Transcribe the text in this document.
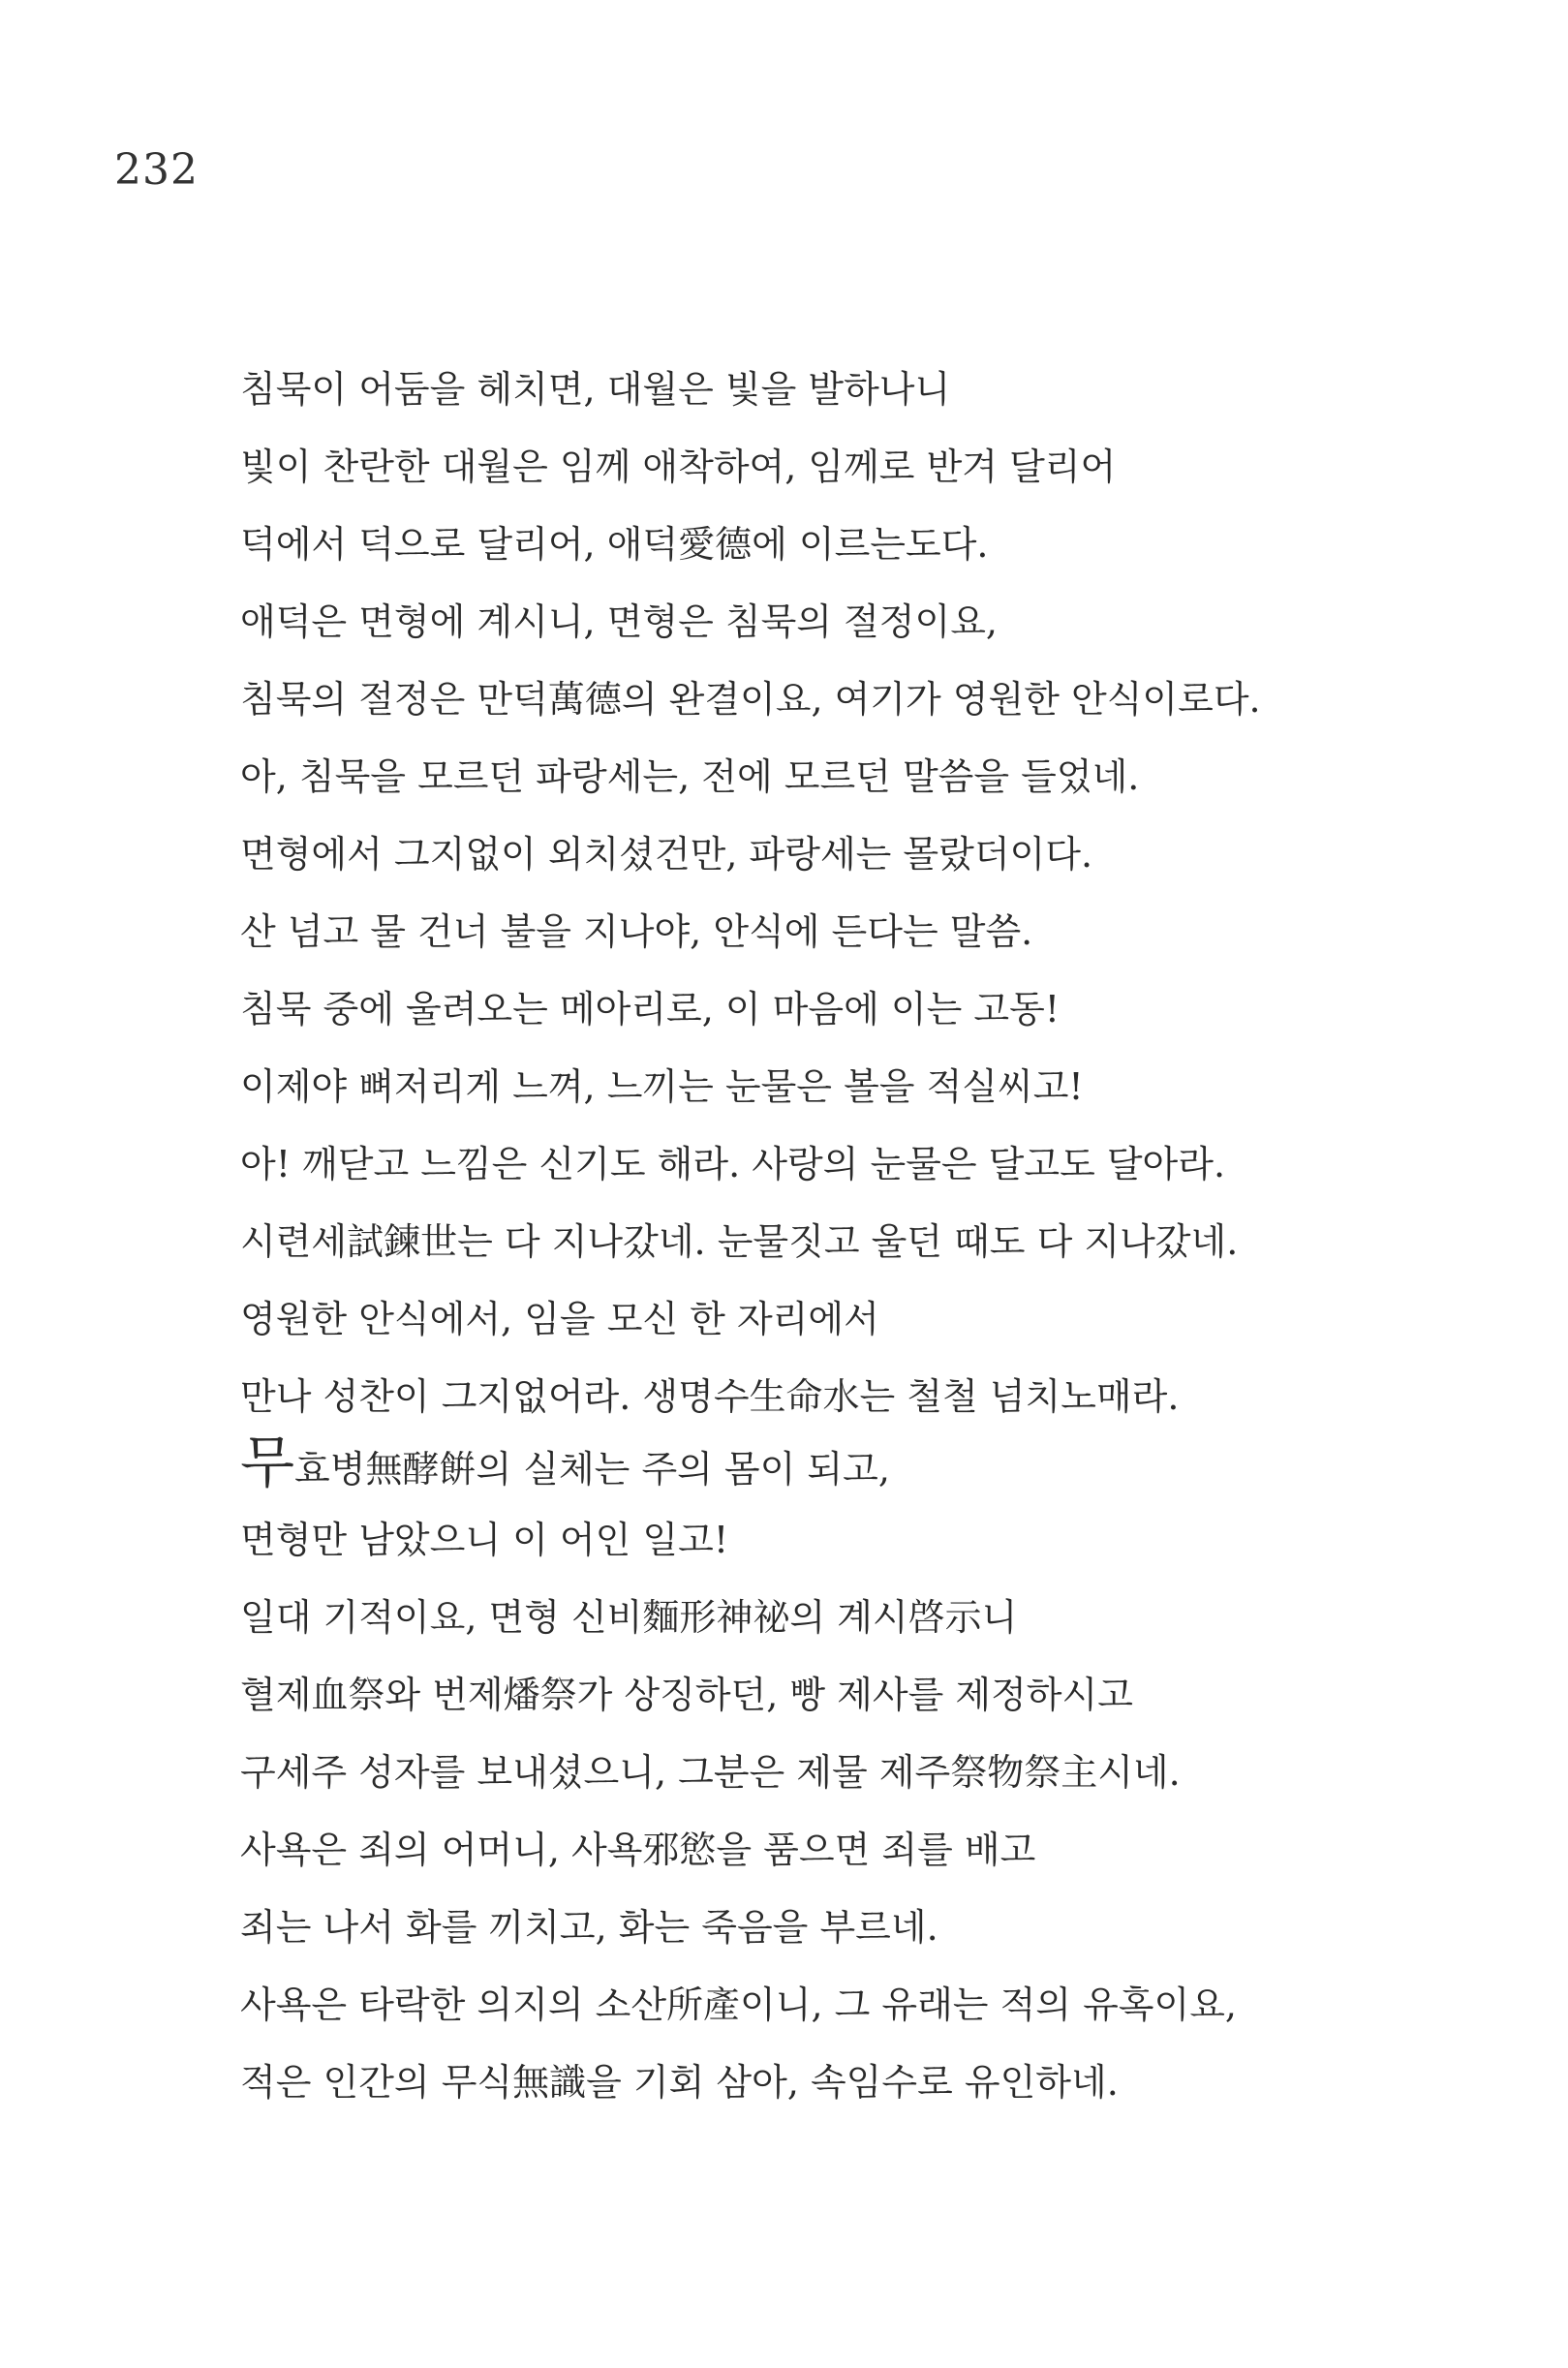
232
침묵이 어둠을 헤치면, 대월은 빛을 발하나니
빛이 찬란한 대월은 임께 애착하여, 임께로 반겨 달리어
덕에서 덕으로 달리어, 애덕愛德에 이르는도다.
애덕은 면형에 계시니, 면형은 침묵의 절정이요,
침묵의 절정은 만덕萬德의 완결이요, 여기가 영원한 안식이로다.
아, 침묵을 모르던 파랑세는, 전에 모르던 말씀을 들었네.
면형에서 그지없이 외치셨건만, 파랑세는 몰랐더이다.
산 넘고 물 건너 불을 지나야, 안식에 든다는 말씀.
침묵 중에 울려오는 메아리로, 이 마음에 이는 고동!
이제야 뼈저리게 느껴, 느끼는 눈물은 볼을 적실씨고!
아! 깨닫고 느낌은 신기도 해라. 사랑의 눈물은 달고도 달아라.
시련세試鍊世는 다 지나갔네. 눈물짓고 울던 때도 다 지나갔네.
영원한 안식에서, 임을 모신 한 자리에서
만나 성찬이 그지없어라. 생명수生命水는 철철 넘치노매라.
무효병無酵餠의 실체는 주의 몸이 되고,
면형만 남았으니 이 어인 일고!
일대 기적이요, 면형 신비麵形神祕의 계시啓示니
혈제血祭와 번제燔祭가 상징하던, 빵 제사를 제정하시고
구세주 성자를 보내셨으니, 그분은 제물 제주祭物祭主시네.
사욕은 죄의 어머니, 사욕邪慾을 품으면 죄를 배고
죄는 나서 화를 끼치고, 화는 죽음을 부르네.
사욕은 타락한 의지의 소산所產이니, 그 유래는 적의 유혹이요,
적은 인간의 무식無識을 기회 삼아, 속임수로 유인하네.
